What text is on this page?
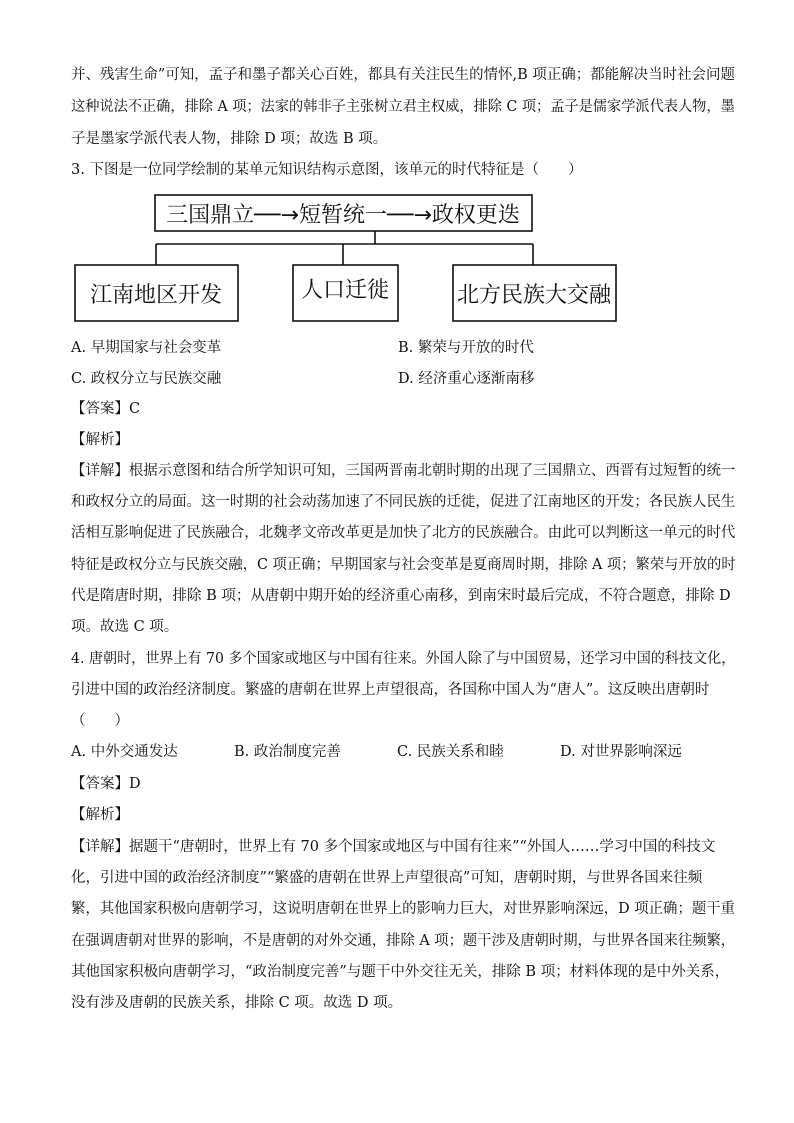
并、残害生命”可知，孟子和墨子都关心百姓，都具有关注民生的情怀,B 项正确；都能解决当时社会问题
这种说法不正确，排除 A 项；法家的韩非子主张树立君主权威，排除 C 项；孟子是儒家学派代表人物，墨
子是墨家学派代表人物，排除 D 项；故选 B 项。
3. 下图是一位同学绘制的某单元知识结构示意图，该单元的时代特征是（　　）
三国鼎立──→短暂统一──→政权更迭
江南地区开发	人口迁徙	北方民族大交融
A. 早期国家与社会变革	B. 繁荣与开放的时代
C. 政权分立与民族交融	D. 经济重心逐渐南移
【答案】C
【解析】
【详解】根据示意图和结合所学知识可知，三国两晋南北朝时期的出现了三国鼎立、西晋有过短暂的统一
和政权分立的局面。这一时期的社会动荡加速了不同民族的迁徙，促进了江南地区的开发；各民族人民生
活相互影响促进了民族融合，北魏孝文帝改革更是加快了北方的民族融合。由此可以判断这一单元的时代
特征是政权分立与民族交融，C 项正确；早期国家与社会变革是夏商周时期，排除 A 项；繁荣与开放的时
代是隋唐时期，排除 B 项；从唐朝中期开始的经济重心南移，到南宋时最后完成，不符合题意，排除 D
项。故选 C 项。
4. 唐朝时，世界上有 70 多个国家或地区与中国有往来。外国人除了与中国贸易，还学习中国的科技文化，
引进中国的政治经济制度。繁盛的唐朝在世界上声望很高，各国称中国人为“唐人”。这反映出唐朝时
（　　）
A. 中外交通发达	B. 政治制度完善	C. 民族关系和睦	D. 对世界影响深远
【答案】D
【解析】
【详解】据题干“唐朝时，世界上有 70 多个国家或地区与中国有往来”“外国人……学习中国的科技文
化，引进中国的政治经济制度”“繁盛的唐朝在世界上声望很高”可知，唐朝时期，与世界各国来往频
繁，其他国家积极向唐朝学习，这说明唐朝在世界上的影响力巨大，对世界影响深远，D 项正确；题干重
在强调唐朝对世界的影响，不是唐朝的对外交通，排除 A 项；题干涉及唐朝时期，与世界各国来往频繁，
其他国家积极向唐朝学习，“政治制度完善”与题干中外交往无关，排除 B 项；材料体现的是中外关系，
没有涉及唐朝的民族关系，排除 C 项。故选 D 项。
